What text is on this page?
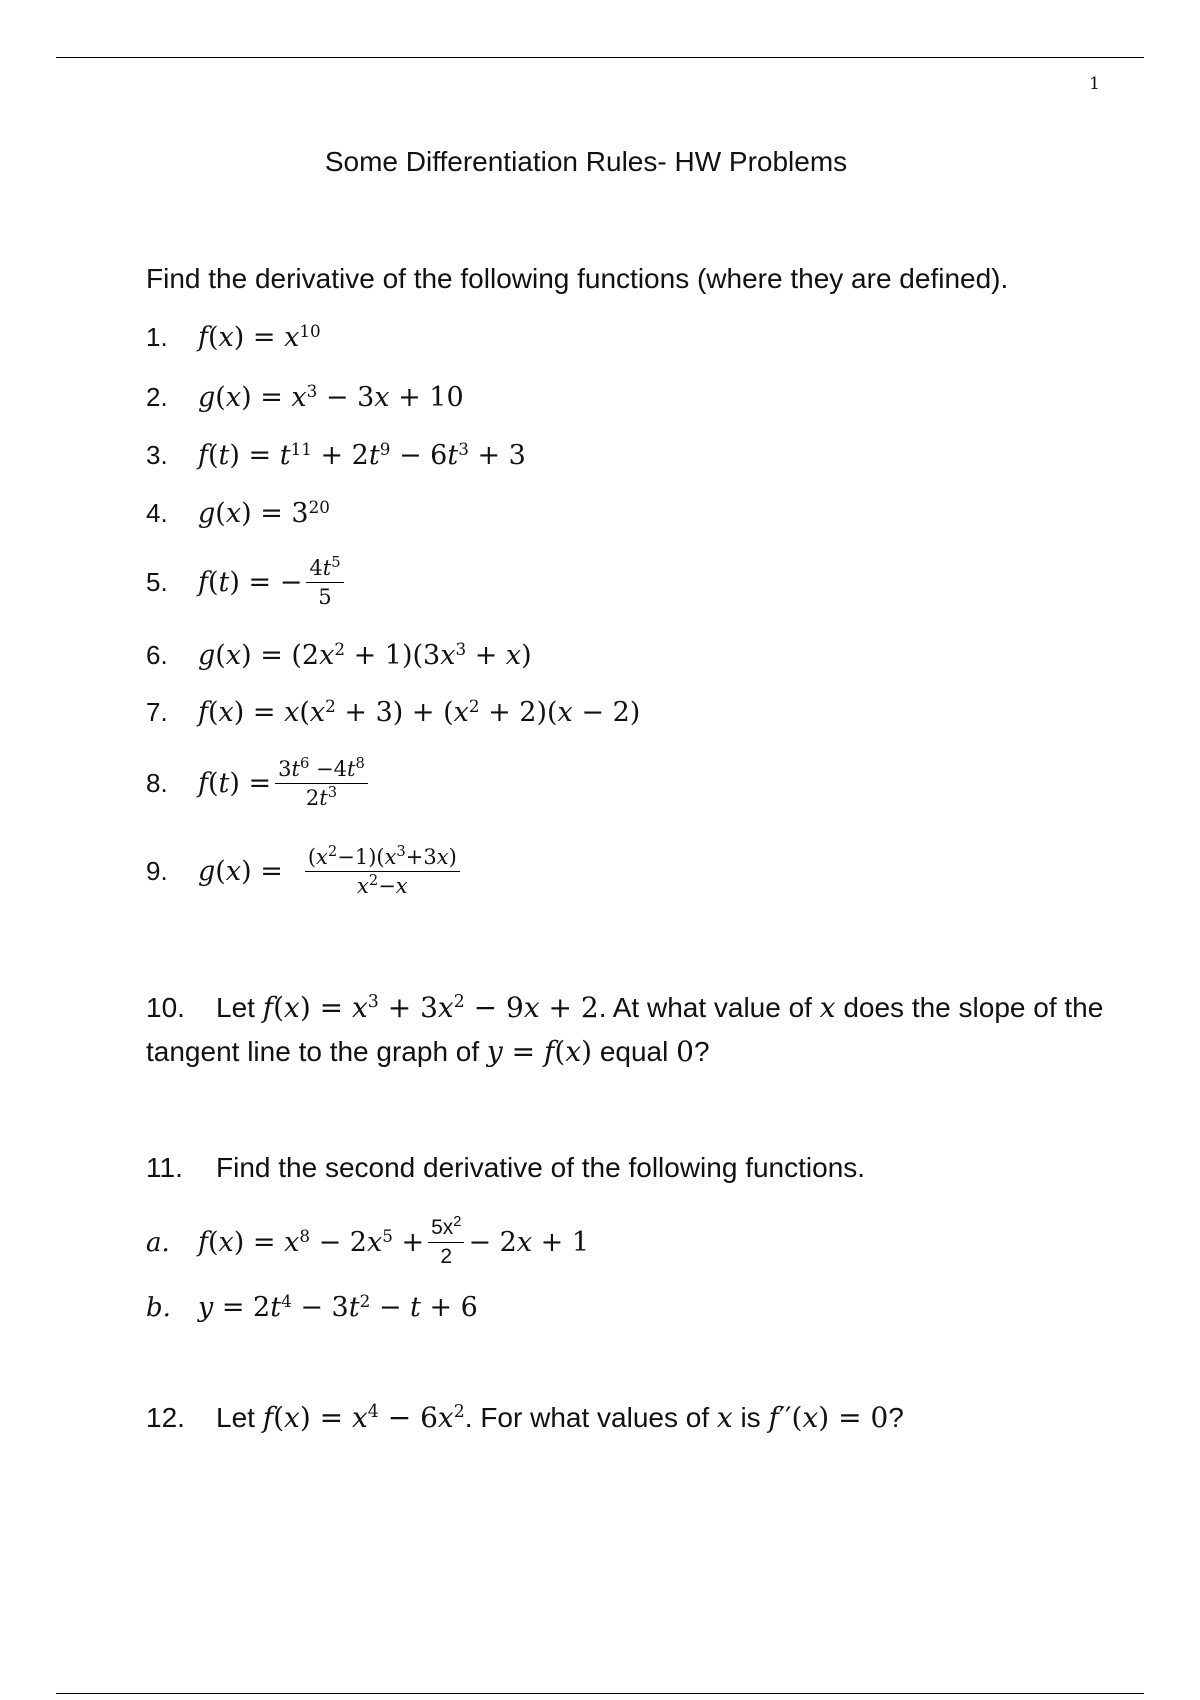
1
Some Differentiation Rules- HW Problems
Find the derivative of the following functions (where they are defined).
1.	$f(x) = x^{10}$
2.	$g(x) = x^3 - 3x + 10$
3.	$f(t) = t^{11} + 2t^9 - 6t^3 + 3$
4.	$g(x) = 3^{20}$
5.	f(t) = − $\frac{4t^5}{5}$
6.	$g(x) = (2x^2 + 1)(3x^3 + x)$
7.	$f(x) = x(x^2 + 3) + (x^2 + 2)(x - 2)$
8.	$f(t) = \frac{3t^6 -4t^8}{2t^3}$
9.	$g(x) = \frac{(x^2-1)(x^3+3x)}{x^2-x}$
10. Let $f(x) = x^3 + 3x^2 - 9x + 2$. At what value of x does the slope of the tangent line to the graph of y = f(x) equal 0?
11. Find the second derivative of the following functions.
a.	$f(x) = x^8 - 2x^5 + \frac{5x^2}{2} - 2x + 1$
b.	$y = 2t^4 - 3t^2 - t + 6$
12. Let $f(x) = x^4 - 6x^2$. For what values of x is f′′(x) = 0?
